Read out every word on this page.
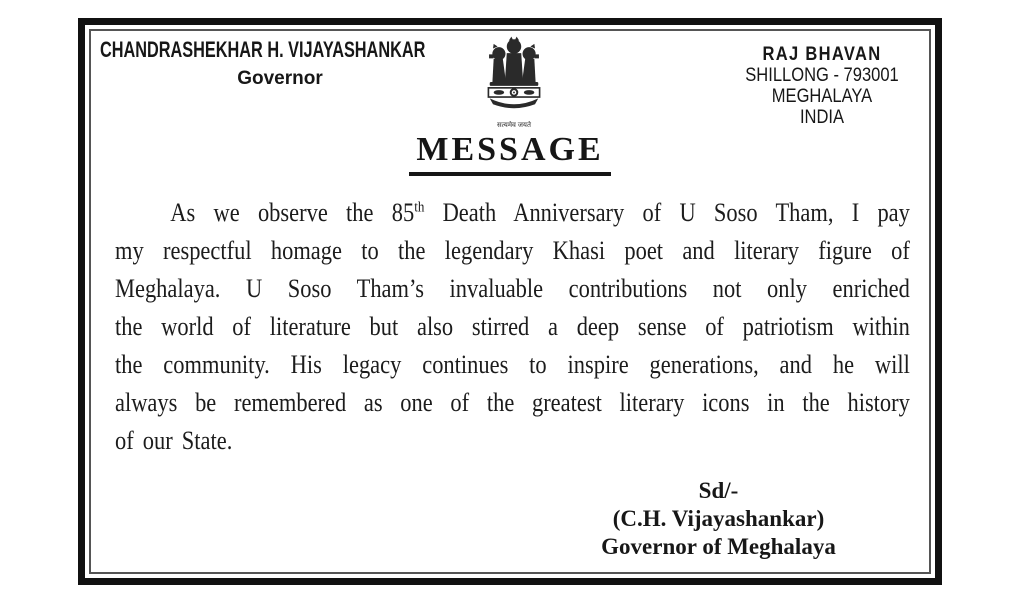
CHANDRASHEKHAR H. VIJAYASHANKAR
Governor
सत्यमेव जयते
RAJ BHAVAN
SHILLONG - 793001
MEGHALAYA
INDIA
MESSAGE
As we observe the 85th Death Anniversary of U Soso Tham, I pay
my respectful homage to the legendary Khasi poet and literary figure of
Meghalaya. U Soso Tham’s invaluable contributions not only enriched
the world of literature but also stirred a deep sense of patriotism within
the community. His legacy continues to inspire generations, and he will
always be remembered as one of the greatest literary icons in the history
of our State.
Sd/-
(C.H. Vijayashankar)
Governor of Meghalaya
